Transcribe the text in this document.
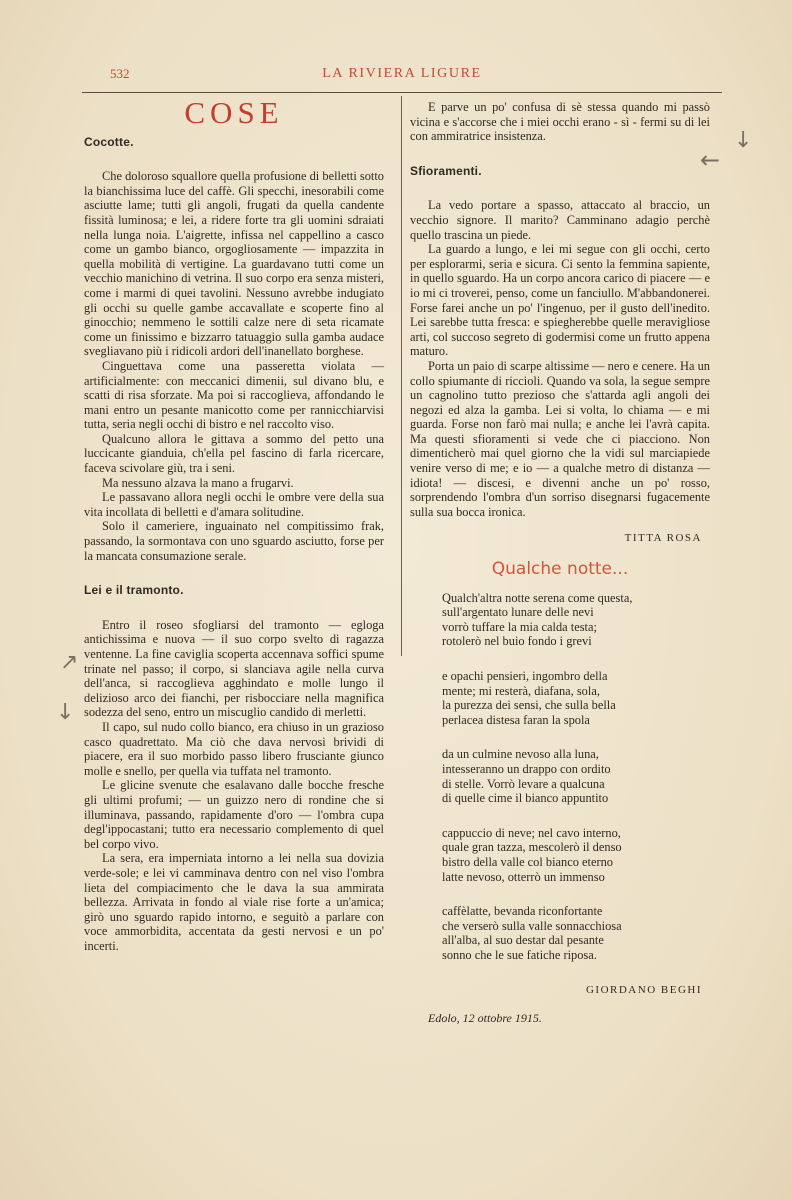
532	LA RIVIERA LIGURE
↗
↓
←
↓
COSE
Cocotte.

Che doloroso squallore quella profusione di belletti sotto la bianchissima luce del caffè. Gli specchi, inesorabili come asciutte lame; tutti gli angoli, frugati da quella candente fissità luminosa; e lei, a ridere forte tra gli uomini sdraiati nella lunga noia. L'aigrette, infissa nel cappellino a casco come un gambo bianco, orgogliosamente — impazzita in quella mobilità di vertigine. La guardavano tutti come un vecchio manichino di vetrina. Il suo corpo era senza misteri, come i marmi di quei tavolini. Nessuno avrebbe indugiato gli occhi su quelle gambe accavallate e scoperte fino al ginocchio; nemmeno le sottili calze nere di seta ricamate come un finissimo e bizzarro tatuaggio sulla gamba audace svegliavano più i ridicoli ardori dell'inanellato borghese.

Cinguettava come una passeretta violata — artificialmente: con meccanici dimenii, sul divano blu, e scatti di risa sforzate. Ma poi si raccoglieva, affondando le mani entro un pesante manicotto come per rannicchiarvisi tutta, seria negli occhi di bistro e nel raccolto viso.

Qualcuno allora le gittava a sommo del petto una luccicante gianduia, ch'ella pel fascino di farla ricercare, faceva scivolare giù, tra i seni.

Ma nessuno alzava la mano a frugarvi.

Le passavano allora negli occhi le ombre vere della sua vita incollata di belletti e d'amara solitudine.

Solo il cameriere, inguainato nel compitissimo frak, passando, la sormontava con uno sguardo asciutto, forse per la mancata consumazione serale.

Lei e il tramonto.

Entro il roseo sfogliarsi del tramonto — egloga antichissima e nuova — il suo corpo svelto di ragazza ventenne. La fine caviglia scoperta accennava soffici spume trinate nel passo; il corpo, si slanciava agile nella curva dell'anca, si raccoglieva agghindato e molle lungo il delizioso arco dei fianchi, per risbocciare nella magnifica sodezza del seno, entro un miscuglio candido di merletti.

Il capo, sul nudo collo bianco, era chiuso in un grazioso casco quadrettato. Ma ciò che dava nervosi brividi di piacere, era il suo morbido passo libero frusciante giunco molle e snello, per quella via tuffata nel tramonto.

Le glicine svenute che esalavano dalle bocche fresche gli ultimi profumi; — un guizzo nero di rondine che si illuminava, passando, rapidamente d'oro — l'ombra cupa degl'ippocastani; tutto era necessario complemento di quel bel corpo vivo.

La sera, era imperniata intorno a lei nella sua dovizia verde-sole; e lei vi camminava dentro con nel viso l'ombra lieta del compiacimento che le dava la sua ammirata bellezza. Arrivata in fondo al viale rise forte a un'amica; girò uno sguardo rapido intorno, e seguitò a parlare con voce ammorbidita, accentata da gesti nervosi e un po' incerti.

E parve un po' confusa di sè stessa quando mi passò vicina e s'accorse che i miei occhi erano - sì - fermi su di lei con ammiratrice insistenza.

Sfioramenti.

La vedo portare a spasso, attaccato al braccio, un vecchio signore. Il marito? Camminano adagio perchè quello trascina un piede.

La guardo a lungo, e lei mi segue con gli occhi, certo per esplorarmi, seria e sicura. Ci sento la femmina sapiente, in quello sguardo. Ha un corpo ancora carico di piacere — e io mi ci troverei, penso, come un fanciullo. M'abbandonerei. Forse farei anche un po' l'ingenuo, per il gusto dell'inedito. Lei sarebbe tutta fresca: e spiegherebbe quelle meravigliose arti, col succoso segreto di godermisi come un frutto appena maturo.

Porta un paio di scarpe altissime — nero e cenere. Ha un collo spiumante di riccioli. Quando va sola, la segue sempre un cagnolino tutto prezioso che s'attarda agli angoli dei negozi ed alza la gamba. Lei si volta, lo chiama — e mi guarda. Forse non farò mai nulla; e anche lei l'avrà capita. Ma questi sfioramenti si vede che ci piacciono. Non dimenticherò mai quel giorno che la vidi sul marciapiede venire verso di me; e io — a qualche metro di distanza — idiota! — discesi, e divenni anche un po' rosso, sorprendendo l'ombra d'un sorriso disegnarsi fugacemente sulla sua bocca ironica.

TITTA ROSA
Qualche notte...
Qualch'altra notte serena come questa,
sull'argentato lunare delle nevi
vorrò tuffare la mia calda testa;
rotolerò nel buio fondo i grevi
e opachi pensieri, ingombro della
mente; mi resterà, diafana, sola,
la purezza dei sensi, che sulla bella
perlacea distesa faran la spola
da un culmine nevoso alla luna,
intesseranno un drappo con ordito
di stelle. Vorrò levare a qualcuna
di quelle cime il bianco appuntito
cappuccio di neve; nel cavo interno,
quale gran tazza, mescolerò il denso
bistro della valle col bianco eterno
latte nevoso, otterrò un immenso
caffèlatte, bevanda riconfortante
che verserò sulla valle sonnacchiosa
all'alba, al suo destar dal pesante
sonno che le sue fatiche riposa.
GIORDANO BEGHI
Edolo, 12 ottobre 1915.
